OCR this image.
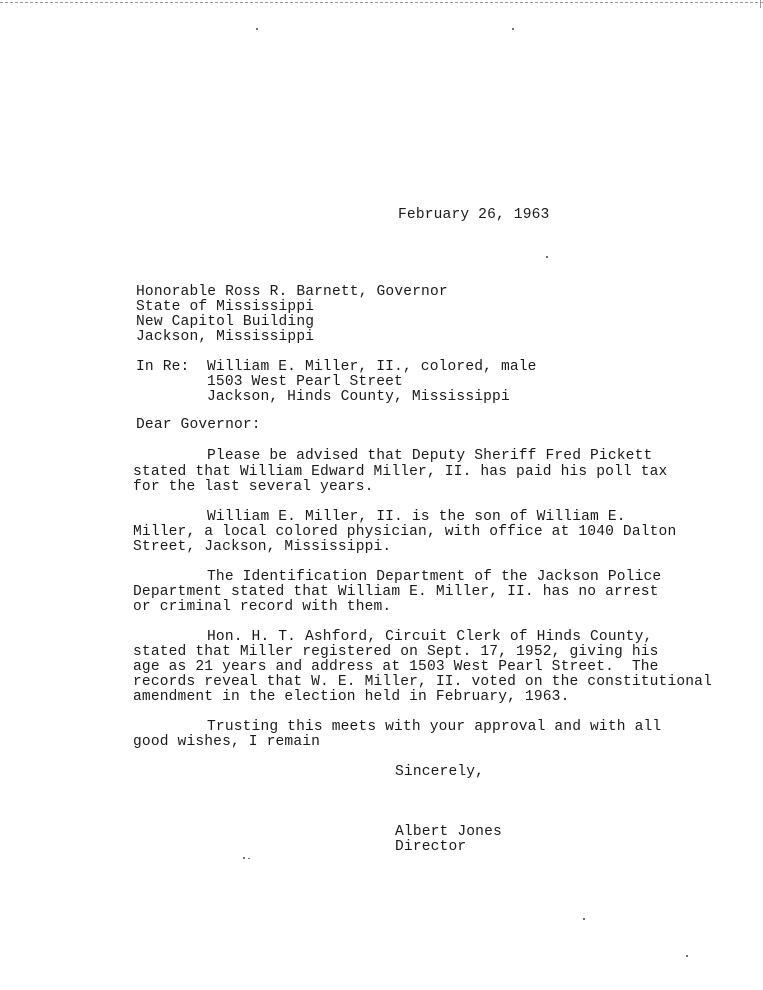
February 26, 1963
Honorable Ross R. Barnett, Governor
State of Mississippi
New Capitol Building
Jackson, Mississippi
In Re: William E. Miller, II., colored, male
1503 West Pearl Street
Jackson, Hinds County, Mississippi
Dear Governor:
Please be advised that Deputy Sheriff Fred Pickett
stated that William Edward Miller, II. has paid his poll tax
for the last several years.
William E. Miller, II. is the son of William E.
Miller, a local colored physician, with office at 1040 Dalton
Street, Jackson, Mississippi.
The Identification Department of the Jackson Police
Department stated that William E. Miller, II. has no arrest
or criminal record with them.
Hon. H. T. Ashford, Circuit Clerk of Hinds County,
stated that Miller registered on Sept. 17, 1952, giving his
age as 21 years and address at 1503 West Pearl Street.  The
records reveal that W. E. Miller, II. voted on the constitutional
amendment in the election held in February, 1963.
Trusting this meets with your approval and with all
good wishes, I remain
Sincerely,
Albert Jones
Director
